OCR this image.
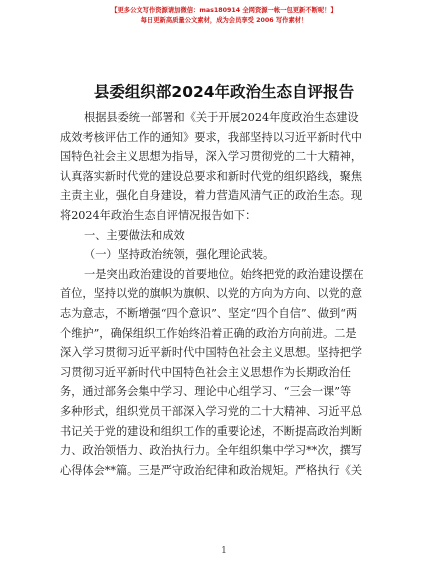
【更多公文写作资源请加微信：mas180914 全网资源一帐一包更新不断呢！】
每日更新高质量公文素材，成为会员享受 2006 写作素材！
县委组织部2024年政治生态自评报告
根据县委统一部署和《关于开展2024年度政治生态建设
成效考核评估工作的通知》要求，我部坚持以习近平新时代中
国特色社会主义思想为指导，深入学习贯彻党的二十大精神，
认真落实新时代党的建设总要求和新时代党的组织路线，聚焦
主责主业，强化自身建设，着力营造风清气正的政治生态。现
将2024年政治生态自评情况报告如下：
一、主要做法和成效
（一）坚持政治统领，强化理论武装。
一是突出政治建设的首要地位。始终把党的政治建设摆在
首位，坚持以党的旗帜为旗帜、以党的方向为方向、以党的意
志为意志，不断增强“四个意识”、坚定“四个自信”、做到“两
个维护”，确保组织工作始终沿着正确的政治方向前进。二是
深入学习贯彻习近平新时代中国特色社会主义思想。坚持把学
习贯彻习近平新时代中国特色社会主义思想作为长期政治任
务，通过部务会集中学习、理论中心组学习、“三会一课”等
多种形式，组织党员干部深入学习党的二十大精神、习近平总
书记关于党的建设和组织工作的重要论述，不断提高政治判断
力、政治领悟力、政治执行力。全年组织集中学习**次，撰写
心得体会**篇。三是严守政治纪律和政治规矩。严格执行《关
1
